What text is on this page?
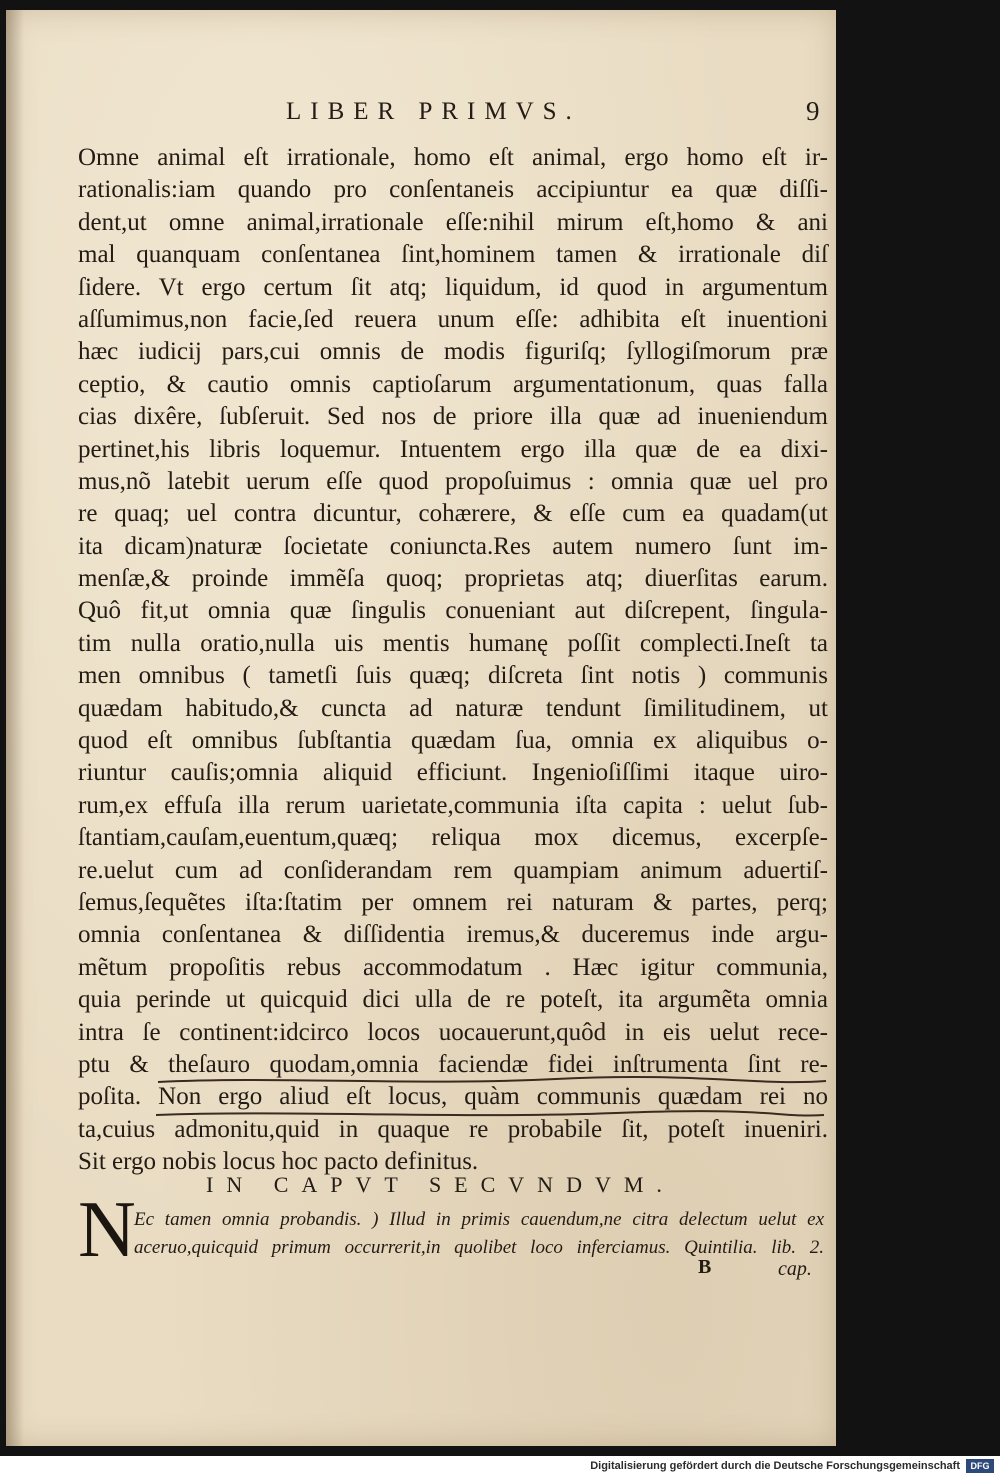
LIBER PRIMVS.	9
Omne animal eſt irrationale, homo eſt animal, ergo homo eſt ir-
rationalis:iam quando pro conſentaneis accipiuntur ea quæ diſſi-
dent,ut omne animal,irrationale eſſe:nihil mirum eſt,homo & ani
mal quanquam conſentanea ſint,hominem tamen & irrationale diſ
ſidere. Vt ergo certum ſit atq; liquidum, id quod in argumentum
aſſumimus,non facie,ſed reuera unum eſſe: adhibita eſt inuentioni
hæc iudicij pars,cui omnis de modis figuriſq; ſyllogiſmorum præ
ceptio, & cautio omnis captioſarum argumentationum, quas falla
cias dixêre, ſubſeruit. Sed nos de priore illa quæ ad inueniendum
pertinet,his libris loquemur. Intuentem ergo illa quæ de ea dixi-
mus,nõ latebit uerum eſſe quod propoſuimus : omnia quæ uel pro
re quaq; uel contra dicuntur, cohærere, & eſſe cum ea quadam(ut
ita dicam)naturæ ſocietate coniuncta.Res autem numero ſunt im-
menſæ,& proinde immẽſa quoq; proprietas atq; diuerſitas earum.
Quô fit,ut omnia quæ ſingulis conueniant aut diſcrepent, ſingula-
tim nulla oratio,nulla uis mentis humanę poſſit complecti.Ineſt ta
men omnibus ( tametſi ſuis quæq; diſcreta ſint notis ) communis
quædam habitudo,& cuncta ad naturæ tendunt ſimilitudinem, ut
quod eſt omnibus ſubſtantia quædam ſua, omnia ex aliquibus o-
riuntur cauſis;omnia aliquid efficiunt. Ingenioſiſſimi itaque uiro-
rum,ex effuſa illa rerum uarietate,communia iſta capita : uelut ſub-
ſtantiam,cauſam,euentum,quæq; reliqua mox dicemus, excerpſe-
re.uelut cum ad conſiderandam rem quampiam animum aduertiſ-
ſemus,ſequẽtes iſta:ſtatim per omnem rei naturam & partes, perq;
omnia conſentanea & diſſidentia iremus,& duceremus inde argu-
mẽtum propoſitis rebus accommodatum . Hæc igitur communia,
quia perinde ut quicquid dici ulla de re poteſt, ita argumẽta omnia
intra ſe continent:idcirco locos uocauerunt,quôd in eis uelut rece-
ptu & theſauro quodam,omnia faciendæ fidei inſtrumenta ſint re-
poſita. Non ergo aliud eſt locus, quàm communis quædam rei no
ta,cuius admonitu,quid in quaque re probabile ſit, poteſt inueniri.
Sit ergo nobis locus hoc pacto definitus.
IN CAPVT SECVNDVM.
N
Ec tamen omnia probandis. ) Illud in primis cauendum,ne citra delectum uelut ex
aceruo,quicquid primum occurrerit,in quolibet loco inferciamus. Quintilia. lib. 2.
B	cap.
Digitalisierung gefördert durch die Deutsche Forschungsgemeinschaft	DFG
